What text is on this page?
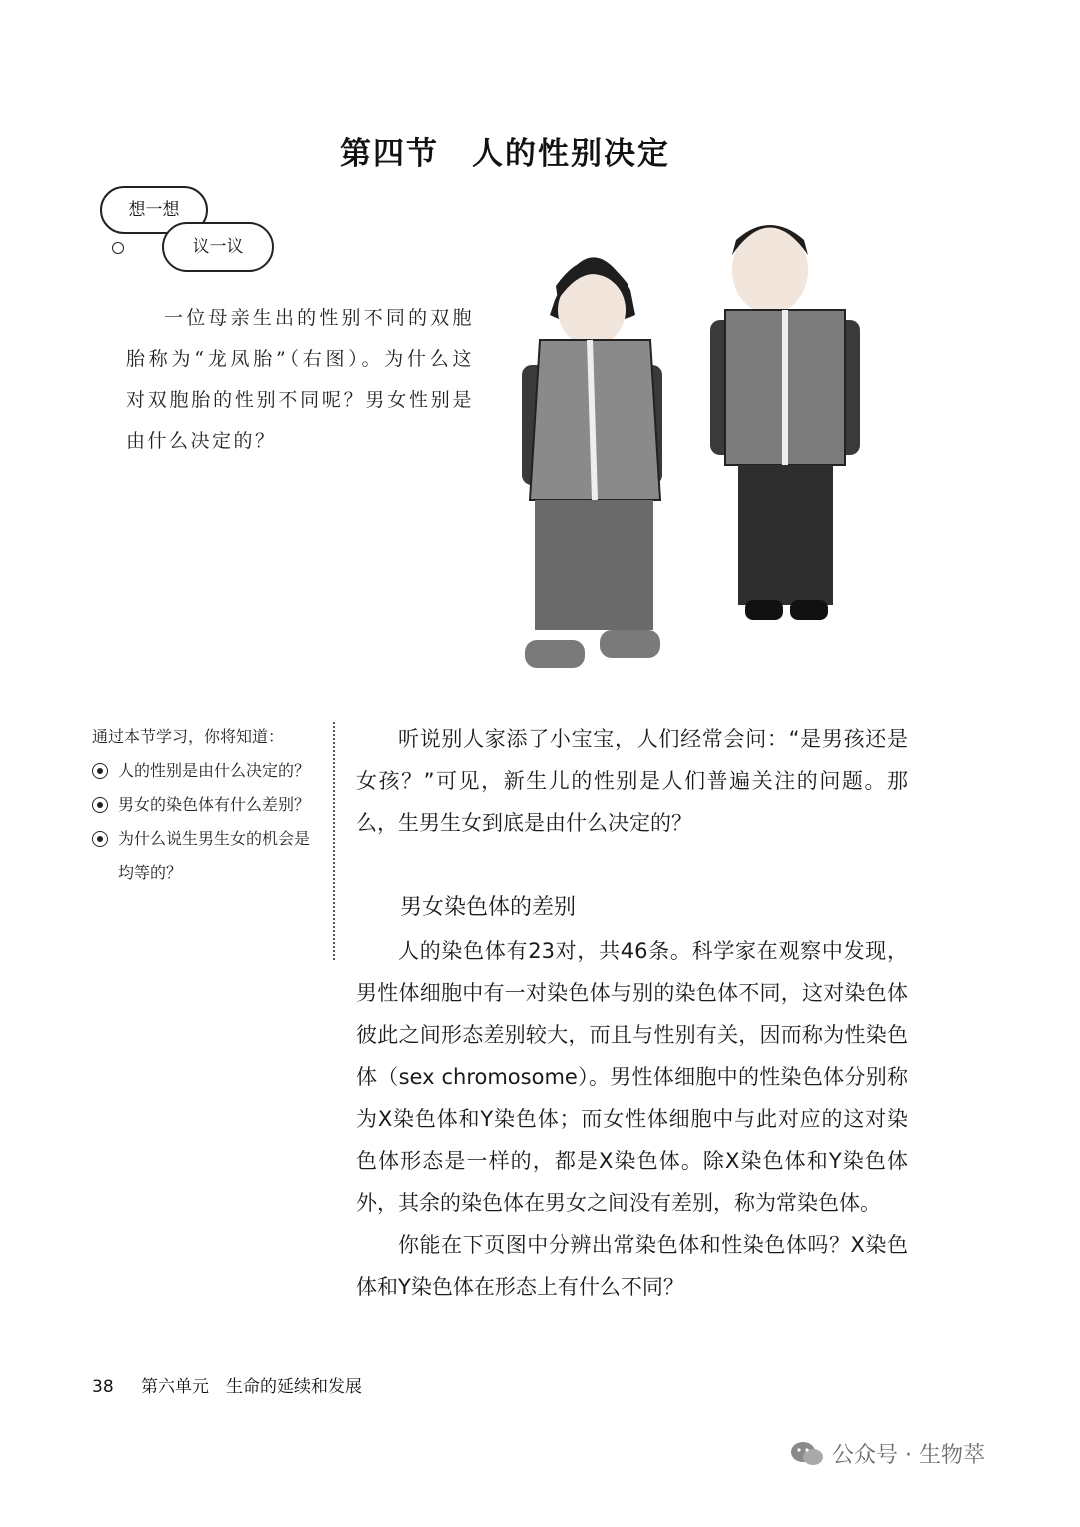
第四节　人的性别决定
想一想
议一议
一位母亲生出的性别不同的双胞胎称为“龙凤胎”（右图）。为什么这对双胞胎的性别不同呢？男女性别是由什么决定的？
通过本节学习，你将知道：
人的性别是由什么决定的？
男女的染色体有什么差别？
为什么说生男生女的机会是均等的？

听说别人家添了小宝宝，人们经常会问：“是男孩还是女孩？”可见，新生儿的性别是人们普遍关注的问题。那么，生男生女到底是由什么决定的？

男女染色体的差别

人的染色体有23对，共46条。科学家在观察中发现，男性体细胞中有一对染色体与别的染色体不同，这对染色体彼此之间形态差别较大，而且与性别有关，因而称为性染色体（sex chromosome）。男性体细胞中的性染色体分别称为X染色体和Y染色体；而女性体细胞中与此对应的这对染色体形态是一样的，都是X染色体。除X染色体和Y染色体外，其余的染色体在男女之间没有差别，称为常染色体。

你能在下页图中分辨出常染色体和性染色体吗？X染色体和Y染色体在形态上有什么不同？

38 第六单元　生命的延续和发展
公众号 · 生物萃
